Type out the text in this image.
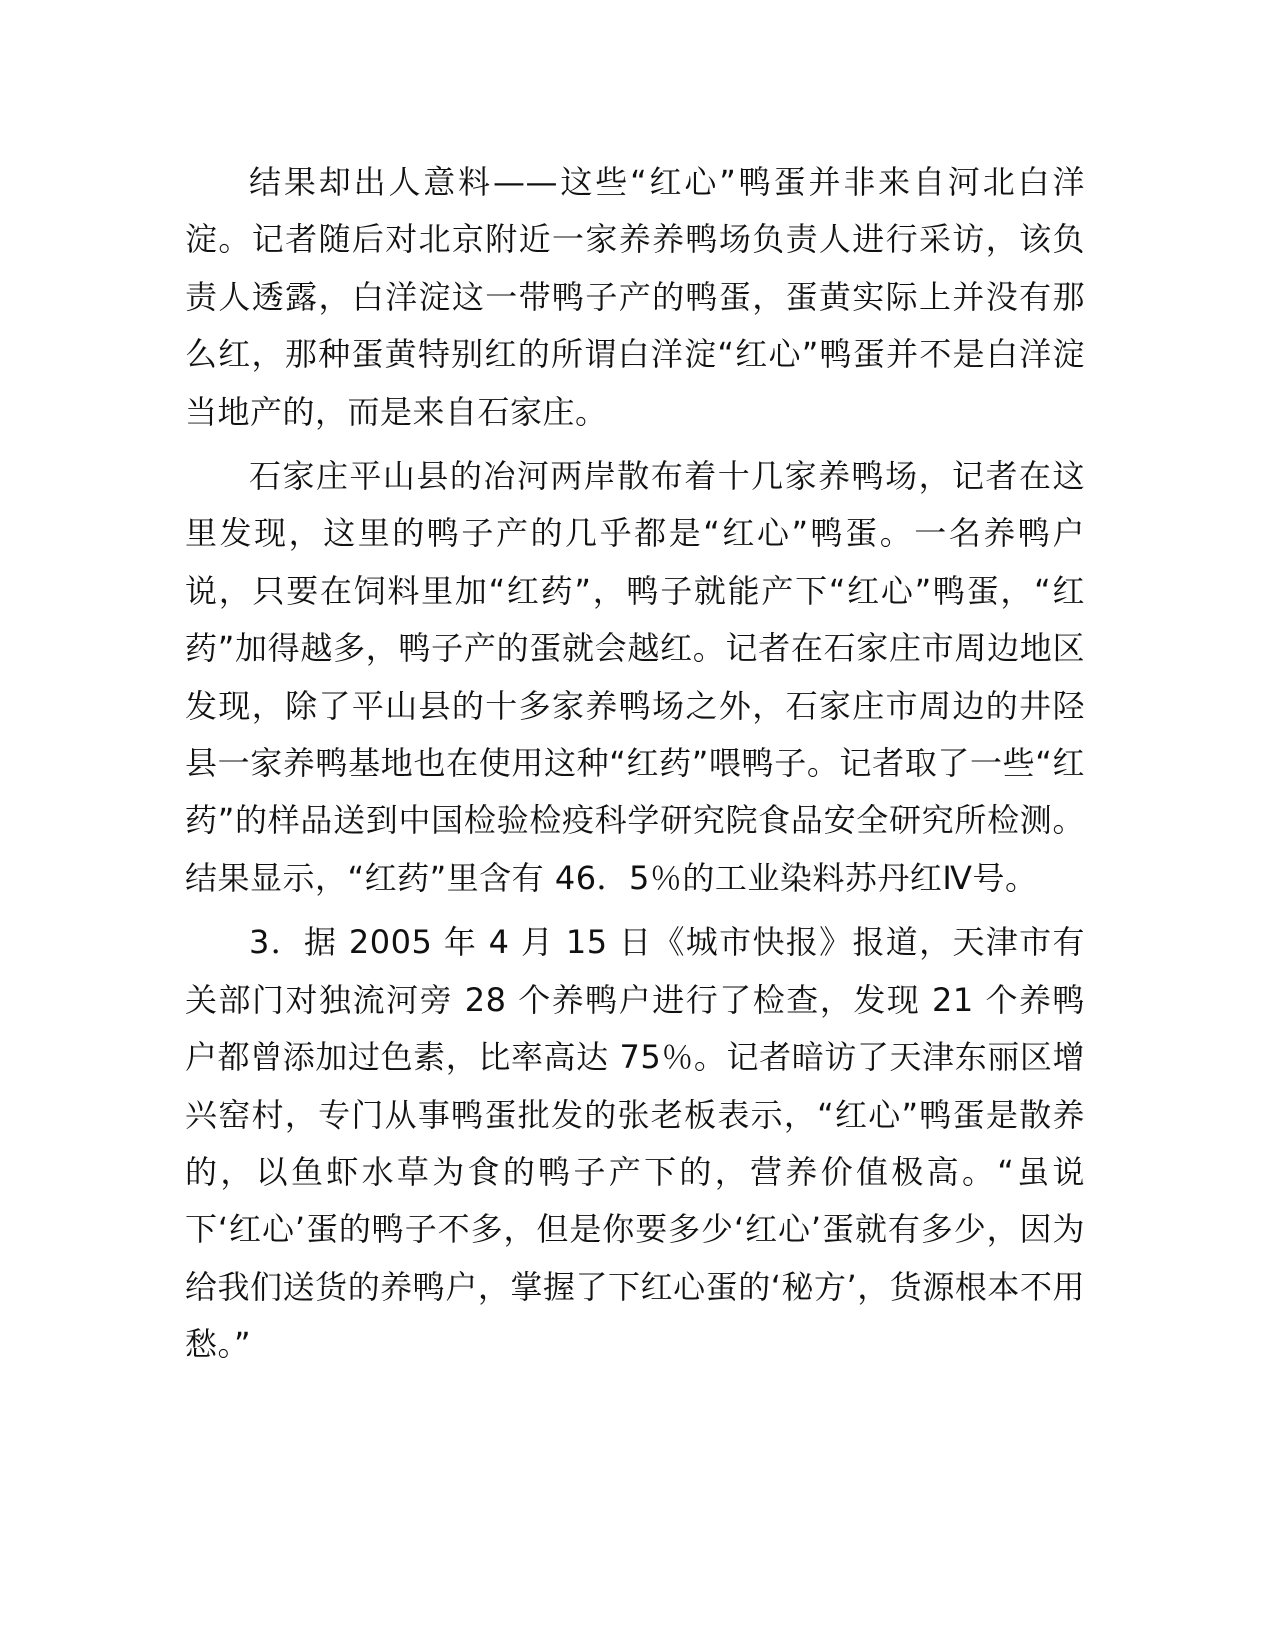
结果却出人意料——这些“红心”鸭蛋并非来自河北白洋淀。记者随后对北京附近一家养养鸭场负责人进行采访，该负责人透露，白洋淀这一带鸭子产的鸭蛋，蛋黄实际上并没有那么红，那种蛋黄特别红的所谓白洋淀“红心”鸭蛋并不是白洋淀当地产的，而是来自石家庄。

石家庄平山县的冶河两岸散布着十几家养鸭场，记者在这里发现，这里的鸭子产的几乎都是“红心”鸭蛋。一名养鸭户说，只要在饲料里加“红药”，鸭子就能产下“红心”鸭蛋，“红药”加得越多，鸭子产的蛋就会越红。记者在石家庄市周边地区发现，除了平山县的十多家养鸭场之外，石家庄市周边的井陉县一家养鸭基地也在使用这种“红药”喂鸭子。记者取了一些“红药”的样品送到中国检验检疫科学研究院食品安全研究所检测。结果显示，“红药”里含有 46．5％的工业染料苏丹红Ⅳ号。

3．据 2005 年 4 月 15 日《城市快报》报道，天津市有关部门对独流河旁 28 个养鸭户进行了检查，发现 21 个养鸭户都曾添加过色素，比率高达 75％。记者暗访了天津东丽区增兴窑村，专门从事鸭蛋批发的张老板表示，“红心”鸭蛋是散养的，以鱼虾水草为食的鸭子产下的，营养价值极高。“虽说下‘红心’蛋的鸭子不多，但是你要多少‘红心’蛋就有多少，因为给我们送货的养鸭户，掌握了下红心蛋的‘秘方’，货源根本不用愁。”
